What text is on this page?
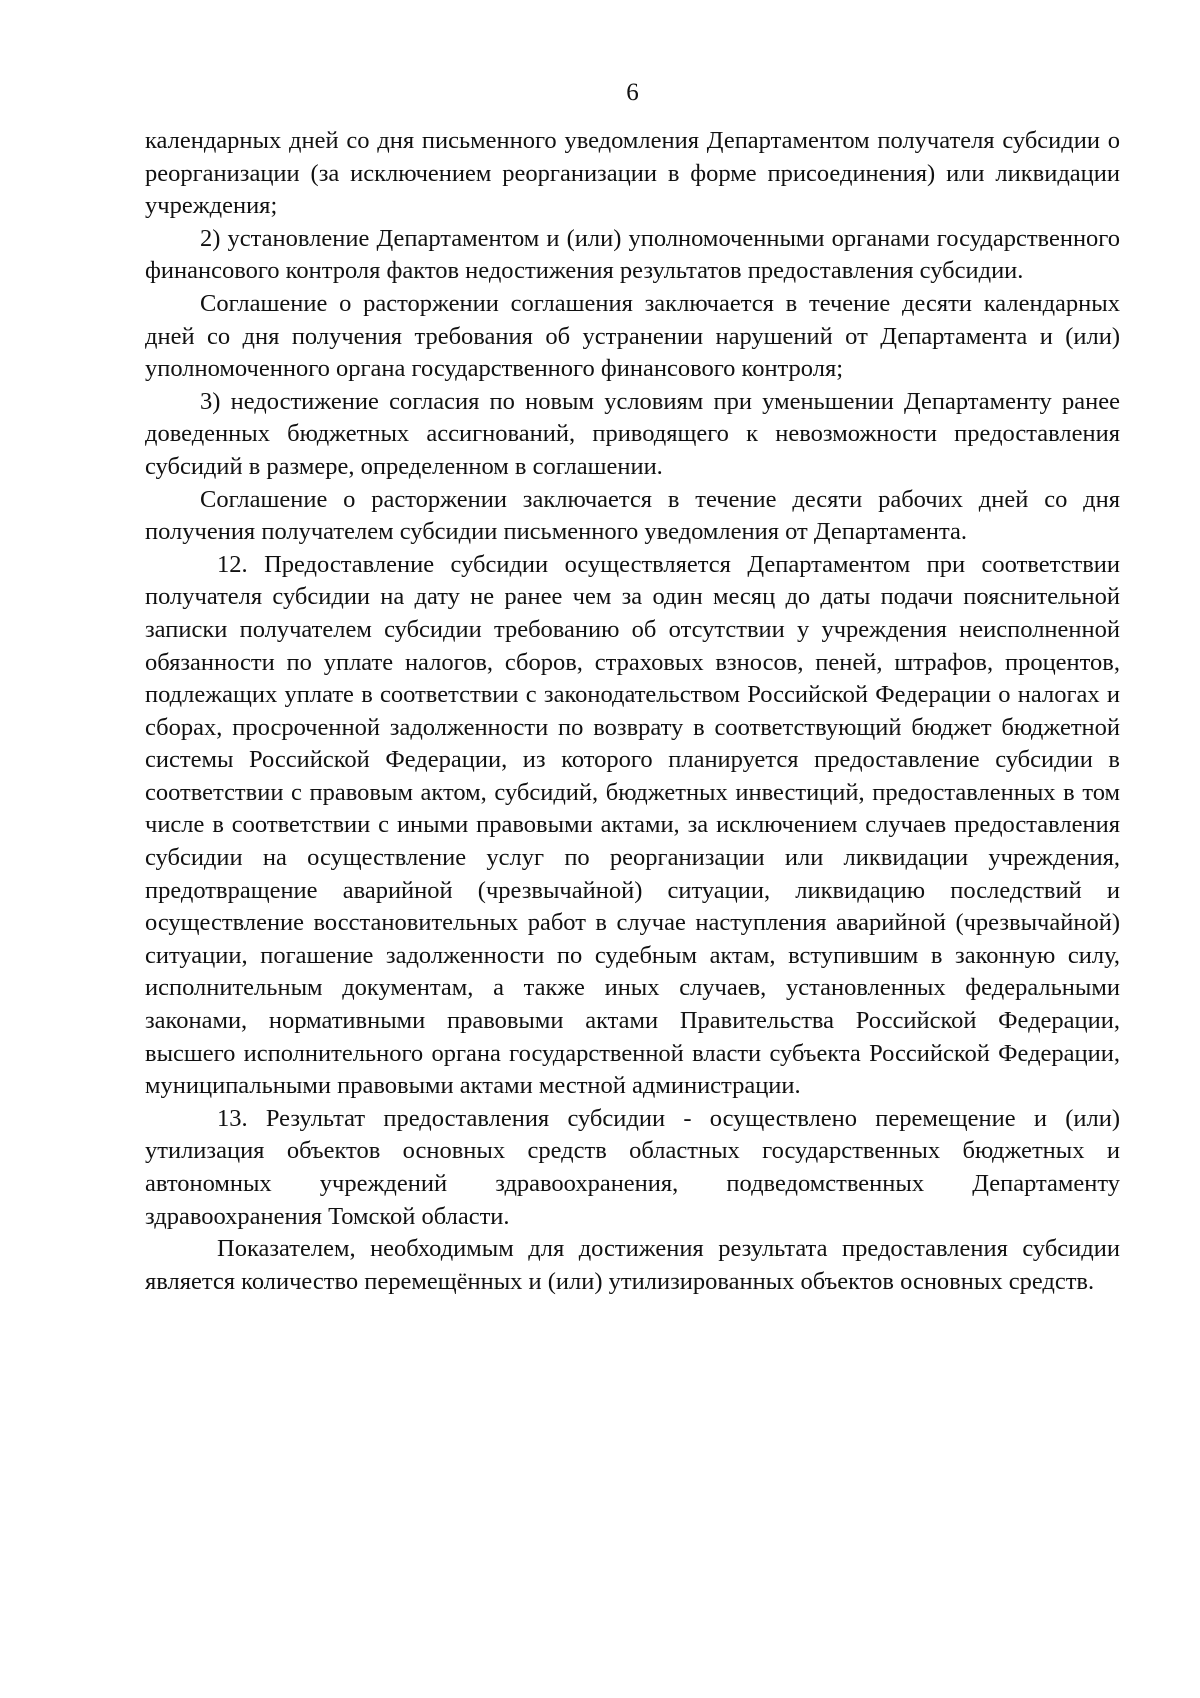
6

календарных дней со дня письменного уведомления Департаментом получателя субсидии о реорганизации (за исключением реорганизации в форме присоединения) или ликвидации учреждения;

2) установление Департаментом и (или) уполномоченными органами государственного финансового контроля фактов недостижения результатов предоставления субсидии.

Соглашение о расторжении соглашения заключается в течение десяти календарных дней со дня получения требования об устранении нарушений от Департамента и (или) уполномоченного органа государственного финансового контроля;

3) недостижение согласия по новым условиям при уменьшении Департаменту ранее доведенных бюджетных ассигнований, приводящего к невозможности предоставления субсидий в размере, определенном в соглашении.

Соглашение о расторжении заключается в течение десяти рабочих дней со дня получения получателем субсидии письменного уведомления от Департамента.

12. Предоставление субсидии осуществляется Департаментом при соответствии получателя субсидии на дату не ранее чем за один месяц до даты подачи пояснительной записки получателем субсидии требованию об отсутствии у учреждения неисполненной обязанности по уплате налогов, сборов, страховых взносов, пеней, штрафов, процентов, подлежащих уплате в соответствии с законодательством Российской Федерации о налогах и сборах, просроченной задолженности по возврату в соответствующий бюджет бюджетной системы Российской Федерации, из которого планируется предоставление субсидии в соответствии с правовым актом, субсидий, бюджетных инвестиций, предоставленных в том числе в соответствии с иными правовыми актами, за исключением случаев предоставления субсидии на осуществление услуг по реорганизации или ликвидации учреждения, предотвращение аварийной (чрезвычайной) ситуации, ликвидацию последствий и осуществление восстановительных работ в случае наступления аварийной (чрезвычайной) ситуации, погашение задолженности по судебным актам, вступившим в законную силу, исполнительным документам, а также иных случаев, установленных федеральными законами, нормативными правовыми актами Правительства Российской Федерации, высшего исполнительного органа государственной власти субъекта Российской Федерации, муниципальными правовыми актами местной администрации.

13. Результат предоставления субсидии - осуществлено перемещение и (или) утилизация объектов основных средств областных государственных бюджетных и автономных учреждений здравоохранения, подведомственных Департаменту здравоохранения Томской области.

Показателем, необходимым для достижения результата предоставления субсидии является количество перемещённых и (или) утилизированных объектов основных средств.
